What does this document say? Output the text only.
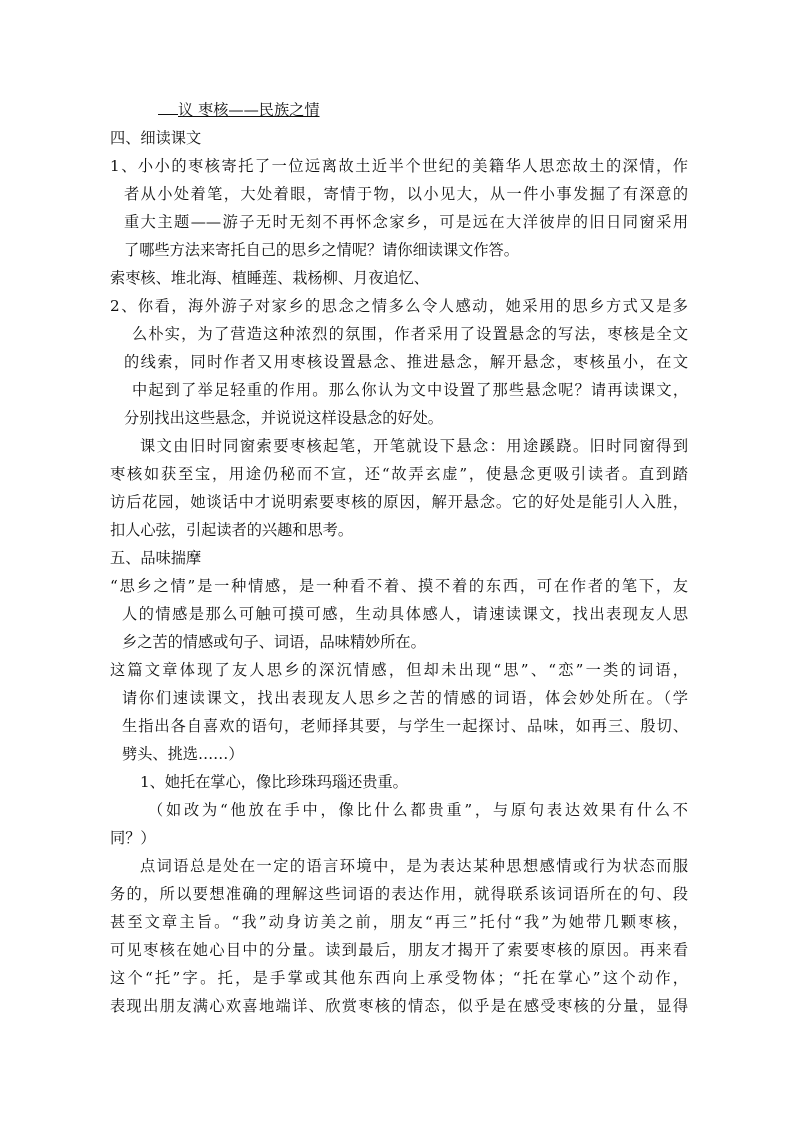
议 枣核——民族之情
四、细读课文
1、小小的枣核寄托了一位远离故土近半个世纪的美籍华人思恋故土的深情，作
者从小处着笔，大处着眼，寄情于物，以小见大，从一件小事发掘了有深意的
重大主题——游子无时无刻不再怀念家乡，可是远在大洋彼岸的旧日同窗采用
了哪些方法来寄托自己的思乡之情呢？请你细读课文作答。
索枣核、堆北海、植睡莲、栽杨柳、月夜追忆、
2、你看，海外游子对家乡的思念之情多么令人感动，她采用的思乡方式又是多
么朴实，为了营造这种浓烈的氛围，作者采用了设置悬念的写法，枣核是全文
的线索，同时作者又用枣核设置悬念、推进悬念，解开悬念，枣核虽小，在文
中起到了举足轻重的作用。那么你认为文中设置了那些悬念呢？请再读课文，
分别找出这些悬念，并说说这样设悬念的好处。
课文由旧时同窗索要枣核起笔，开笔就设下悬念：用途蹊跷。旧时同窗得到
枣核如获至宝，用途仍秘而不宣，还“故弄玄虚”，使悬念更吸引读者。直到踏
访后花园，她谈话中才说明索要枣核的原因，解开悬念。它的好处是能引人入胜，
扣人心弦，引起读者的兴趣和思考。
五、品味揣摩
“思乡之情”是一种情感，是一种看不着、摸不着的东西，可在作者的笔下，友
人的情感是那么可触可摸可感，生动具体感人，请速读课文，找出表现友人思
乡之苦的情感或句子、词语，品味精妙所在。
这篇文章体现了友人思乡的深沉情感，但却未出现“思”、“恋”一类的词语，
请你们速读课文，找出表现友人思乡之苦的情感的词语，体会妙处所在。（学
生指出各自喜欢的语句，老师择其要，与学生一起探讨、品味，如再三、殷切、
劈头、挑选……）
1、她托在掌心，像比珍珠玛瑙还贵重。
（如改为“他放在手中，像比什么都贵重”，与原句表达效果有什么不
同？）
点词语总是处在一定的语言环境中，是为表达某种思想感情或行为状态而服
务的，所以要想准确的理解这些词语的表达作用，就得联系该词语所在的句、段
甚至文章主旨。“我”动身访美之前，朋友“再三”托付“我”为她带几颗枣核，
可见枣核在她心目中的分量。读到最后，朋友才揭开了索要枣核的原因。再来看
这个“托”字。托，是手掌或其他东西向上承受物体；“托在掌心”这个动作，
表现出朋友满心欢喜地端详、欣赏枣核的情态，似乎是在感受枣核的分量，显得
